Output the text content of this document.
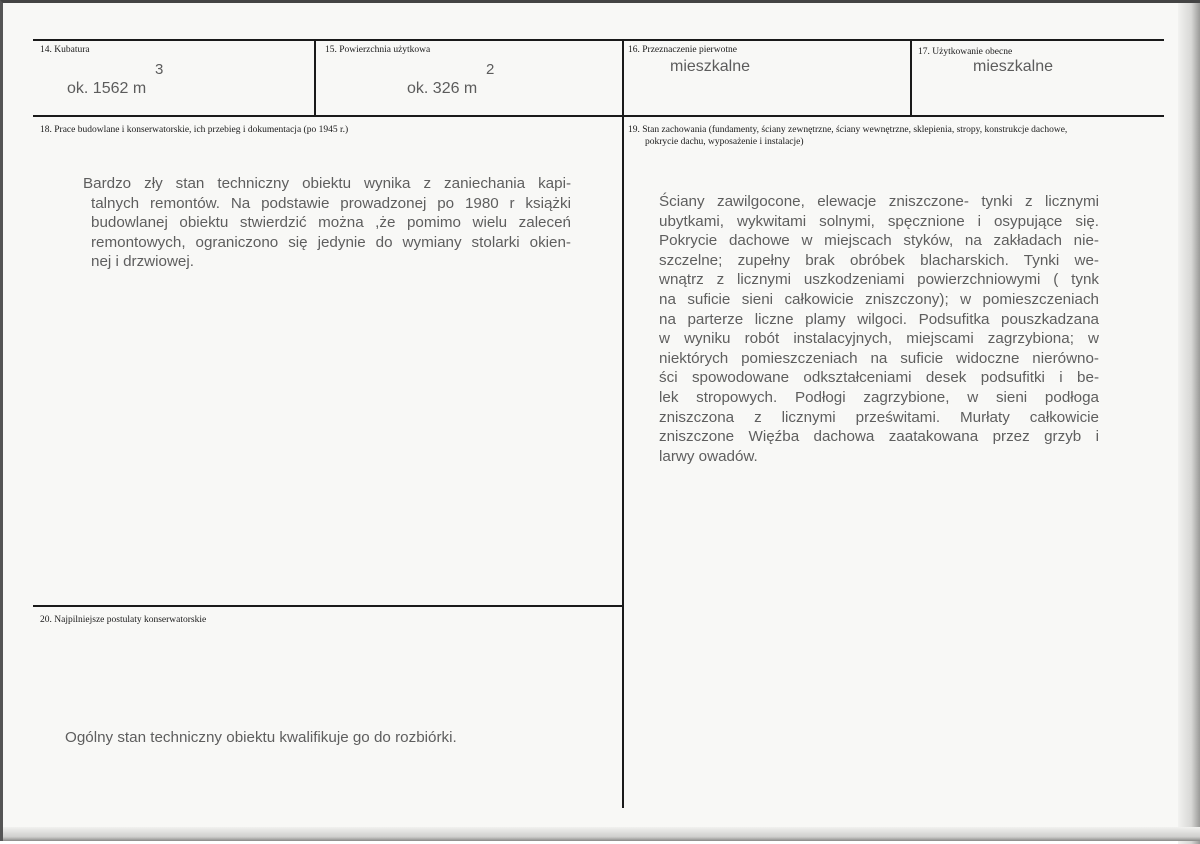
14. Kubatura
ok. 1562 m
3
15. Powierzchnia użytkowa
ok. 326 m
2
16. Przeznaczenie pierwotne
mieszkalne
17. Użytkowanie obecne
mieszkalne
18. Prace budowlane i konserwatorskie, ich przebieg i dokumentacja (po 1945 r.)
Bardzo zły stan techniczny obiektu wynika z zaniechania kapi-
talnych remontów. Na podstawie prowadzonej po 1980 r książki
budowlanej obiektu stwierdzić można ,że pomimo wielu zaleceń
remontowych, ograniczono się jedynie do wymiany stolarki okien-
nej i drzwiowej.
19. Stan zachowania (fundamenty, ściany zewnętrzne, ściany wewnętrzne, sklepienia, stropy, konstrukcje dachowe,
pokrycie dachu, wyposażenie i instalacje)
Ściany zawilgocone, elewacje zniszczone- tynki z licznymi
ubytkami, wykwitami solnymi, spęcznione i osypujące się.
Pokrycie dachowe w miejscach styków, na zakładach nie-
szczelne; zupełny brak obróbek blacharskich. Tynki we-
wnątrz z licznymi uszkodzeniami powierzchniowymi ( tynk
na suficie sieni całkowicie zniszczony); w pomieszczeniach
na parterze liczne plamy wilgoci. Podsufitka pouszkadzana
w wyniku robót instalacyjnych, miejscami zagrzybiona; w
niektórych pomieszczeniach na suficie widoczne nierówno-
ści spowodowane odkształceniami desek podsufitki i be-
lek stropowych. Podłogi zagrzybione, w sieni podłoga
zniszczona z licznymi prześwitami. Murłaty całkowicie
zniszczone Więźba dachowa zaatakowana przez grzyb i
larwy owadów.
20. Najpilniejsze postulaty konserwatorskie
Ogólny stan techniczny obiektu kwalifikuje go do rozbiórki.
